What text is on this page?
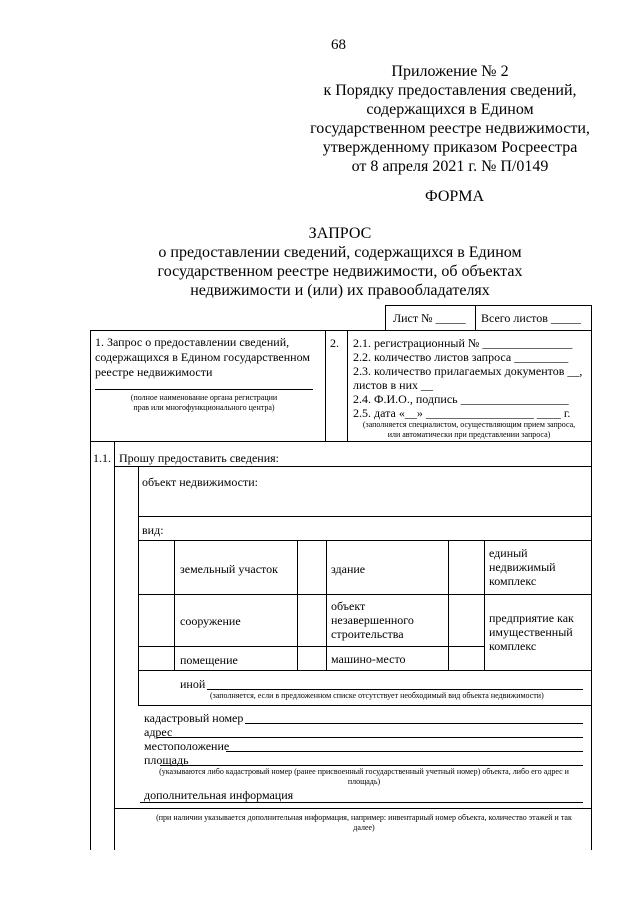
68
Приложение № 2
к Порядку предоставления сведений,
содержащихся в Едином
государственном реестре недвижимости,
утвержденному приказом Росреестра
от 8 апреля 2021 г. № П/0149
ФОРМА
ЗАПРОС
о предоставлении сведений, содержащихся в Едином
государственном реестре недвижимости, об объектах
недвижимости и (или) их правообладателях
Лист № _____ Всего листов _____
1. Запрос о предоставлении сведений,
содержащихся в Едином государственном
реестре недвижимости
(полное наименование органа регистрации
прав или многофункционального центра)
2. 2.1. регистрационный № _______________
2.2. количество листов запроса _________
2.3. количество прилагаемых документов __,
листов в них __
2.4. Ф.И.О., подпись __________________
2.5. дата «__» __________________ ____ г.
(заполняется специалистом, осуществляющим прием запроса,
или автоматически при представлении запроса)
1.1. Прошу предоставить сведения:
объект недвижимости:
вид:
земельный участок	здание
единый
недвижимый
комплекс
сооружение
объект
незавершенного
строительства
предприятие как
имущественный
комплекс
помещение	машино-место
иной
(заполняется, если в предложенном списке отсутствует необходимый вид объекта недвижимости)
кадастровый номер
адрес
местоположение
площадь
(указываются либо кадастровый номер (ранее присвоенный государственный учетный номер) объекта, либо его адрес и
площадь)
дополнительная информация
(при наличии указывается дополнительная информация, например: инвентарный номер объекта, количество этажей и так
далее)
